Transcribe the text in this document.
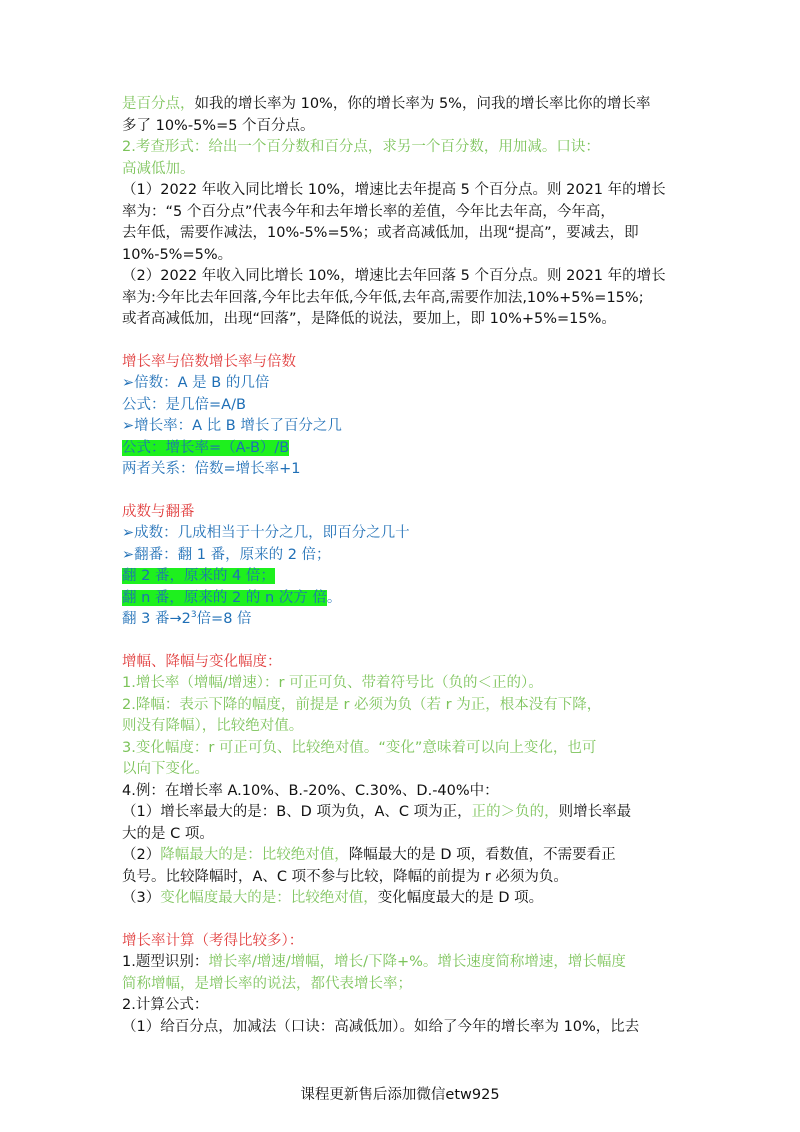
是百分点，如我的增长率为 10%，你的增长率为 5%，问我的增长率比你的增长率
多了 10%-5%=5 个百分点。
2.考查形式：给出一个百分数和百分点，求另一个百分数，用加减。口诀：
高减低加。
（1）2022 年收入同比增长 10%，增速比去年提高 5 个百分点。则 2021 年的增长
率为：“5 个百分点”代表今年和去年增长率的差值，今年比去年高，今年高，
去年低，需要作减法，10%-5%=5%；或者高减低加，出现“提高”，要减去，即
10%-5%=5%。
（2）2022 年收入同比增长 10%，增速比去年回落 5 个百分点。则 2021 年的增长
率为:今年比去年回落,今年比去年低,今年低,去年高,需要作加法,10%+5%=15%;
或者高减低加，出现“回落”，是降低的说法，要加上，即 10%+5%=15%。
增长率与倍数增长率与倍数
➢倍数：A 是 B 的几倍
公式：是几倍=A/B
➢增长率：A 比 B 增长了百分之几
公式：增长率=（A-B）/B
两者关系：倍数=增长率+1
成数与翻番
➢成数：几成相当于十分之几，即百分之几十
➢翻番：翻 1 番，原来的 2 倍；
翻 2 番，原来的 4 倍；
翻 n 番，原来的 2 的 n 次方 倍。
翻 3 番$\to 2^3$倍=8 倍
增幅、降幅与变化幅度：
1.增长率（增幅/增速）：r 可正可负、带着符号比（负的＜正的）。
2.降幅：表示下降的幅度，前提是 r 必须为负（若 r 为正，根本没有下降，
则没有降幅），比较绝对值。
3.变化幅度：r 可正可负、比较绝对值。“变化”意味着可以向上变化，也可
以向下变化。
4.例：在增长率 A.10%、B.-20%、C.30%、D.-40%中：
（1）增长率最大的是：B、D 项为负，A、C 项为正，正的＞负的，则增长率最
大的是 C 项。
（2）降幅最大的是：比较绝对值，降幅最大的是 D 项，看数值，不需要看正
负号。比较降幅时，A、C 项不参与比较，降幅的前提为 r 必须为负。
（3）变化幅度最大的是：比较绝对值，变化幅度最大的是 D 项。
增长率计算（考得比较多）：
1.题型识别：增长率/增速/增幅，增长/下降+%。增长速度简称增速，增长幅度
简称增幅，是增长率的说法，都代表增长率；
2.计算公式：
（1）给百分点，加减法（口诀：高减低加）。如给了今年的增长率为 10%，比去
课程更新售后添加微信etw925
